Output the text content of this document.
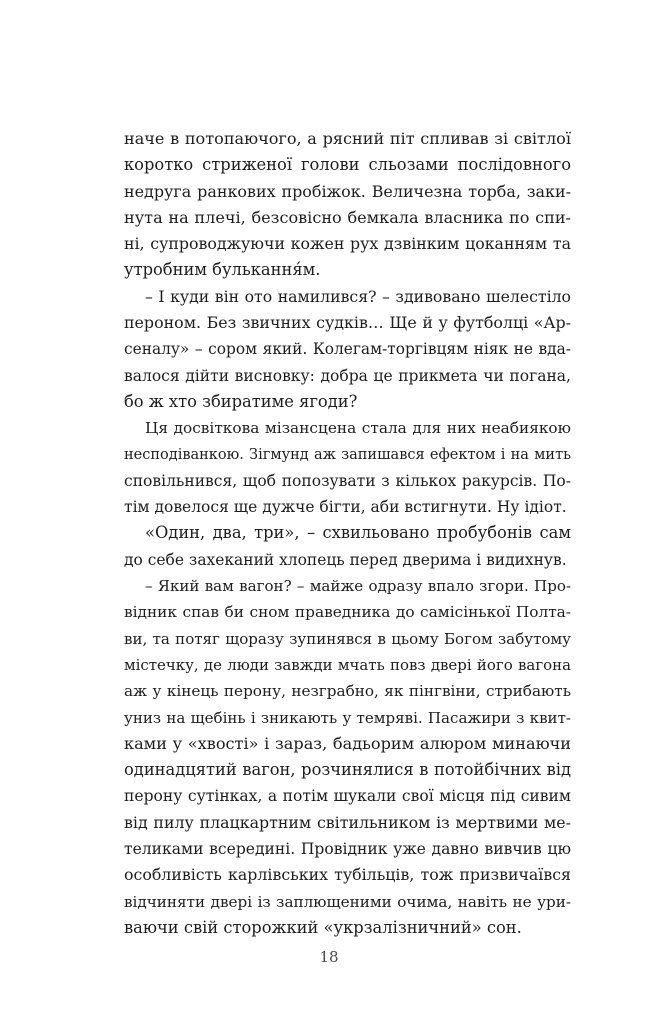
наче в потопаючого, а рясний піт спливав зі світлої
коротко стриженої голови сльозами послідовного
недруга ранкових пробіжок. Величезна торба, заки-
нута на плечі, безсовісно бемкала власника по спи-
ні, супроводжуючи кожен рух дзвінким цоканням та
утробним булькання́м.
– І куди він ото намилився? – здивовано шелестіло
пероном. Без звичних судків… Ще й у футболці «Ар-
сеналу» – сором який. Колегам-торгівцям ніяк не вда-
валося дійти висновку: добра це прикмета чи погана,
бо ж хто збиратиме ягоди?
Ця досвіткова мізансцена стала для них неабиякою
несподіванкою. Зігмунд аж запишався ефектом і на мить
сповільнився, щоб попозувати з кількох ракурсів. По-
тім довелося ще дужче бігти, аби встигнути. Ну ідіот.
«Один, два, три», – схвильовано пробубонів сам
до себе захеканий хлопець перед дверима і видихнув.
– Який вам вагон? – майже одразу впало згори. Про-
відник спав би сном праведника до самісінької Полта-
ви, та потяг щоразу зупинявся в цьому Богом забутому
містечку, де люди завжди мчать повз двері його вагона
аж у кінець перону, незграбно, як пінгвіни, стрибають
униз на щебінь і зникають у темряві. Пасажири з квит-
ками у «хвості» і зараз, бадьорим алюром минаючи
одинадцятий вагон, розчинялися в потойбічних від
перону сутінках, а потім шукали свої місця під сивим
від пилу плацкартним світильником із мертвими ме-
теликами всередині. Провідник уже давно вивчив цю
особливість карлівських тубільців, тож призвичаївся
відчиняти двері із заплющеними очима, навіть не ури-
ваючи свій сторожкий «укрзалізничний» сон.
18
